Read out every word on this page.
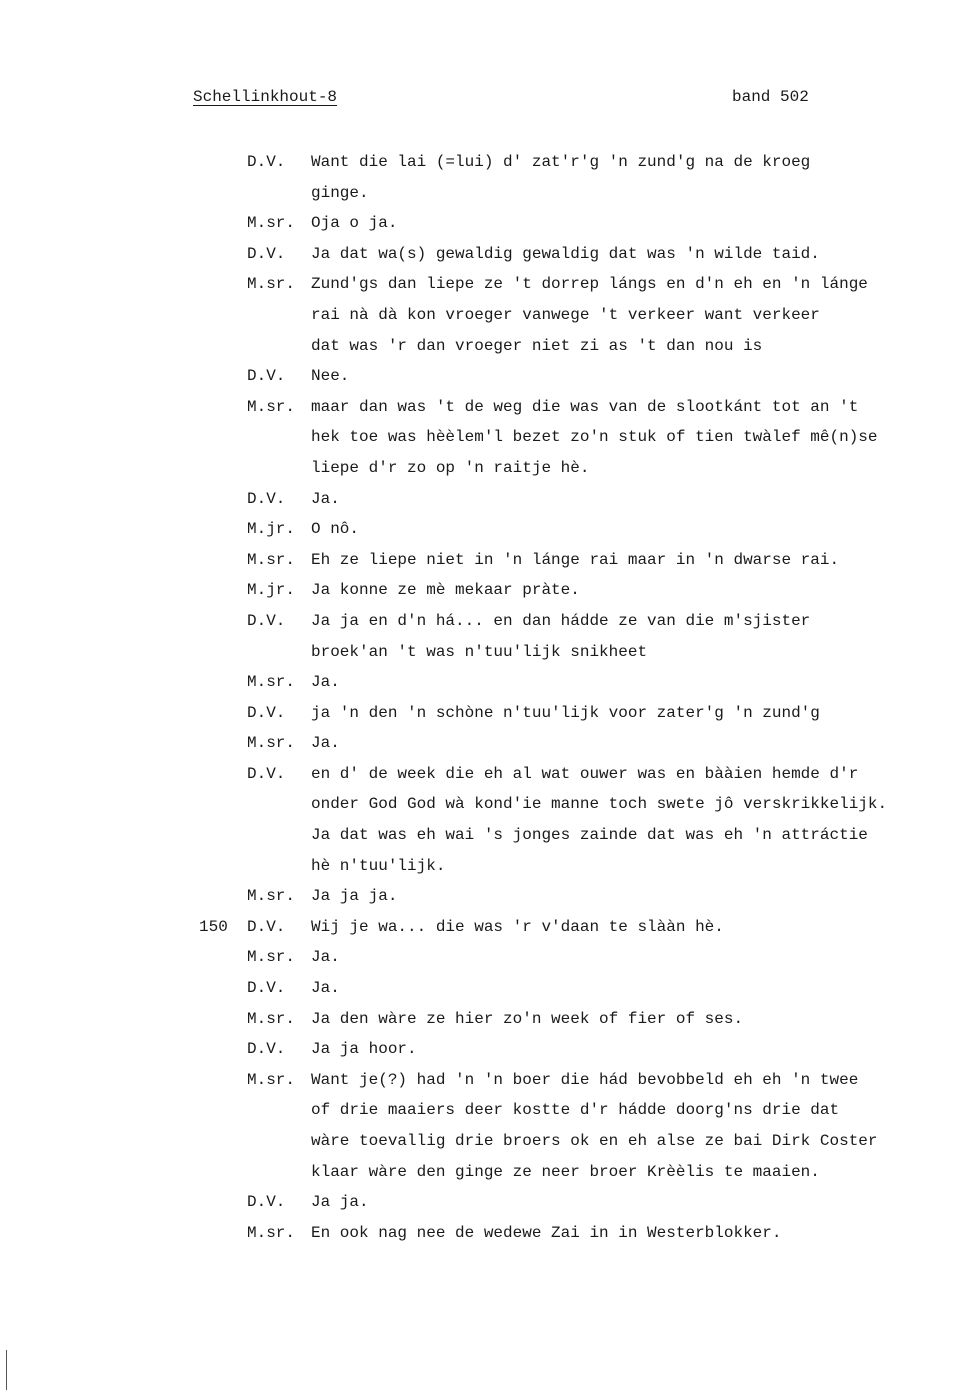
Schellinkhout-8	band 502
D.V. Want die lai (=lui) d' zat'r'g 'n zund'g na de kroeg
ginge.
M.sr. Oja o ja.
D.V. Ja dat wa(s) gewaldig gewaldig dat was 'n wilde taid.
M.sr. Zund'gs dan liepe ze 't dorrep lángs en d'n eh en 'n lánge
rai nà dà kon vroeger vanwege 't verkeer want verkeer
dat was 'r dan vroeger niet zi as 't dan nou is
D.V. Nee.
M.sr. maar dan was 't de weg die was van de slootkánt tot an 't
hek toe was hèèlem'l bezet zo'n stuk of tien twàlef mê(n)se
liepe d'r zo op 'n raitje hè.
D.V. Ja.
M.jr. O nô.
M.sr. Eh ze liepe niet in 'n lánge rai maar in 'n dwarse rai.
M.jr. Ja konne ze mè mekaar pràte.
D.V. Ja ja en d'n há... en dan hádde ze van die m'sjister
broek'an 't was n'tuu'lijk snikheet
M.sr. Ja.
D.V. ja 'n den 'n schòne n'tuu'lijk voor zater'g 'n zund'g
M.sr. Ja.
D.V. en d' de week die eh al wat ouwer was en bààien hemde d'r
onder God God wà kond'ie manne toch swete jô verskrikkelijk.
Ja dat was eh wai 's jonges zainde dat was eh 'n attráctie
hè n'tuu'lijk.
M.sr. Ja ja ja.
150 D.V. Wij je wa... die was 'r v'daan te slààn hè.
M.sr. Ja.
D.V. Ja.
M.sr. Ja den wàre ze hier zo'n week of fier of ses.
D.V. Ja ja hoor.
M.sr. Want je(?) had 'n 'n boer die hád bevobbeld eh eh 'n twee
of drie maaiers deer kostte d'r hádde doorg'ns drie dat
wàre toevallig drie broers ok en eh alse ze bai Dirk Coster
klaar wàre den ginge ze neer broer Krèèlis te maaien.
D.V. Ja ja.
M.sr. En ook nag nee de wedewe Zai in in Westerblokker.
